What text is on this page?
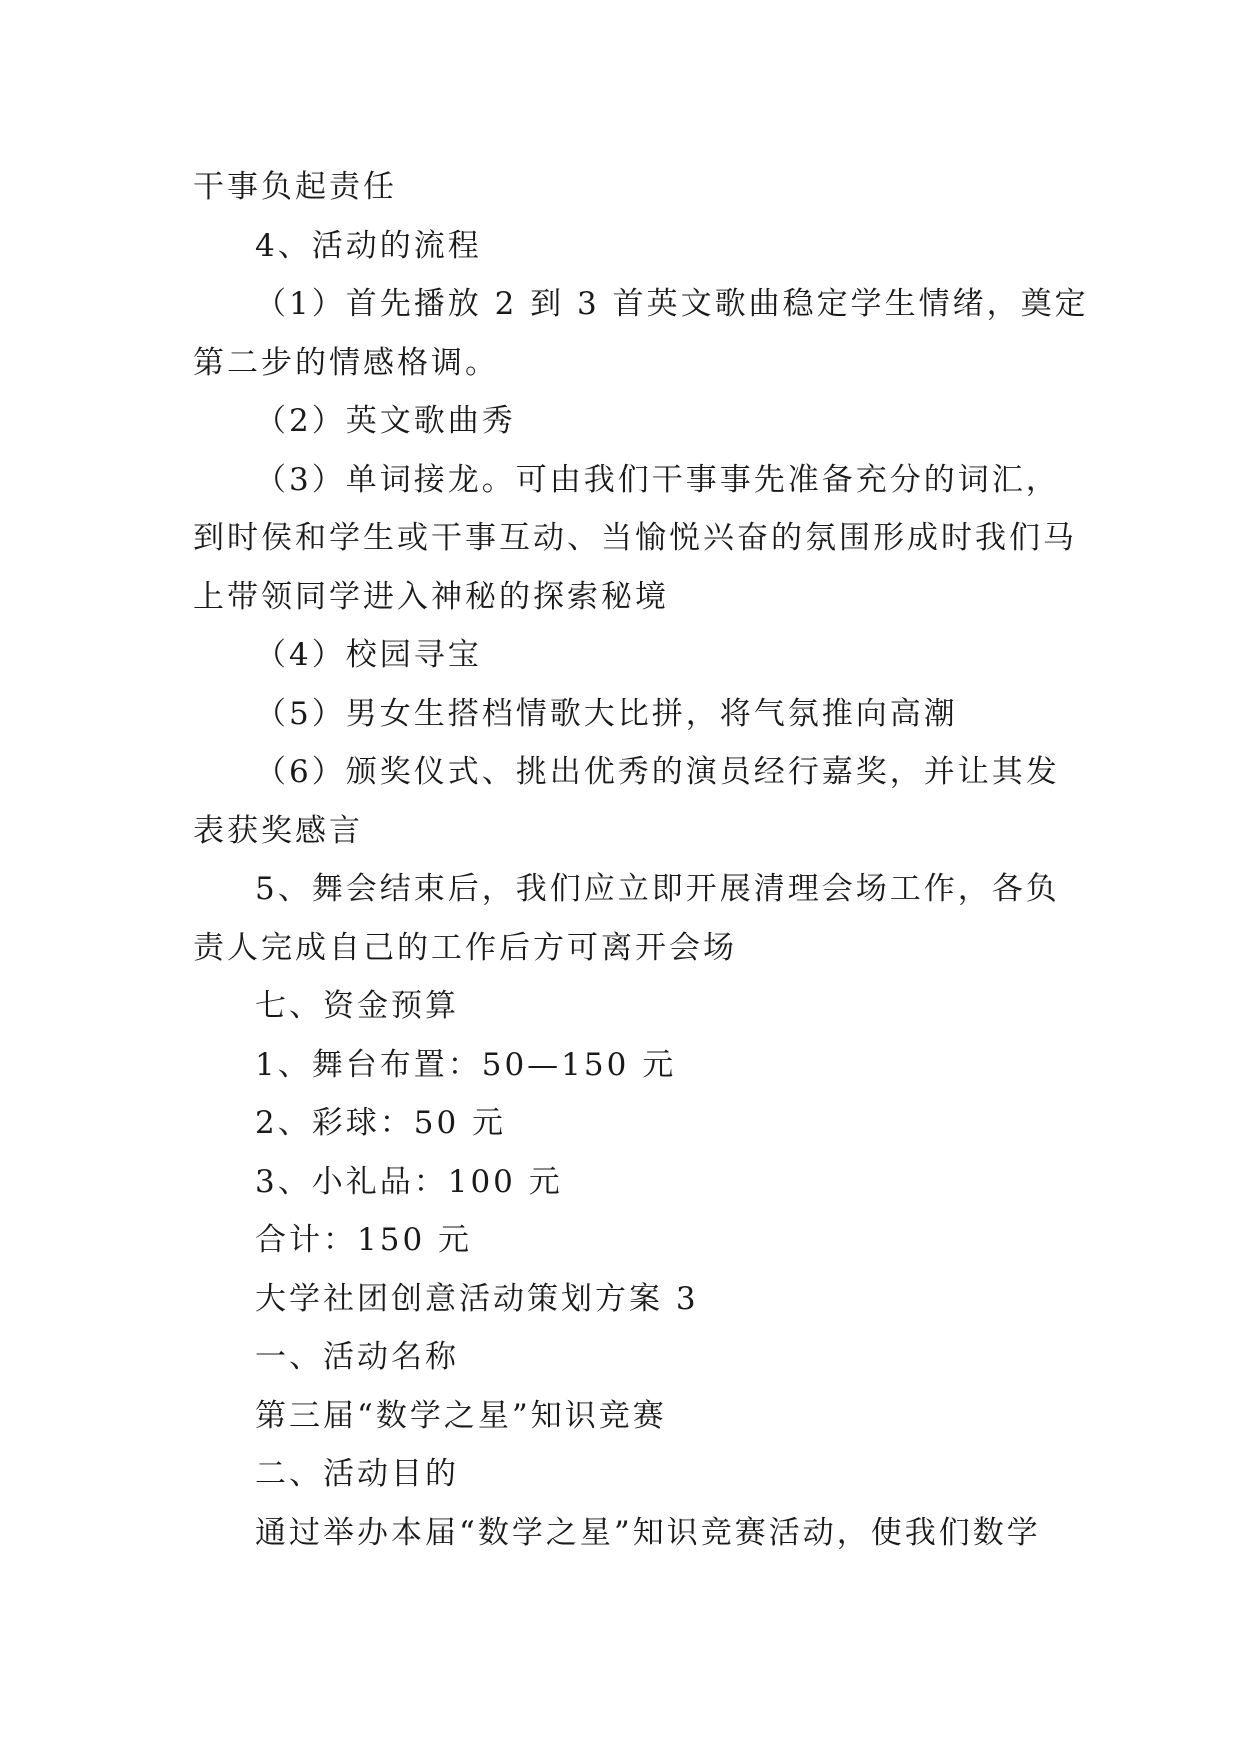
干事负起责任
4、活动的流程
（1）首先播放 2 到 3 首英文歌曲稳定学生情绪，奠定
第二步的情感格调。
（2）英文歌曲秀
（3）单词接龙。可由我们干事事先准备充分的词汇，
到时侯和学生或干事互动、当愉悦兴奋的氛围形成时我们马
上带领同学进入神秘的探索秘境
（4）校园寻宝
（5）男女生搭档情歌大比拼，将气氛推向高潮
（6）颁奖仪式、挑出优秀的演员经行嘉奖，并让其发
表获奖感言
5、舞会结束后，我们应立即开展清理会场工作，各负
责人完成自己的工作后方可离开会场
七、资金预算
1、舞台布置：50—150 元
2、彩球：50 元
3、小礼品：100 元
合计：150 元
大学社团创意活动策划方案 3
一、活动名称
第三届“数学之星”知识竞赛
二、活动目的
通过举办本届“数学之星”知识竞赛活动，使我们数学
